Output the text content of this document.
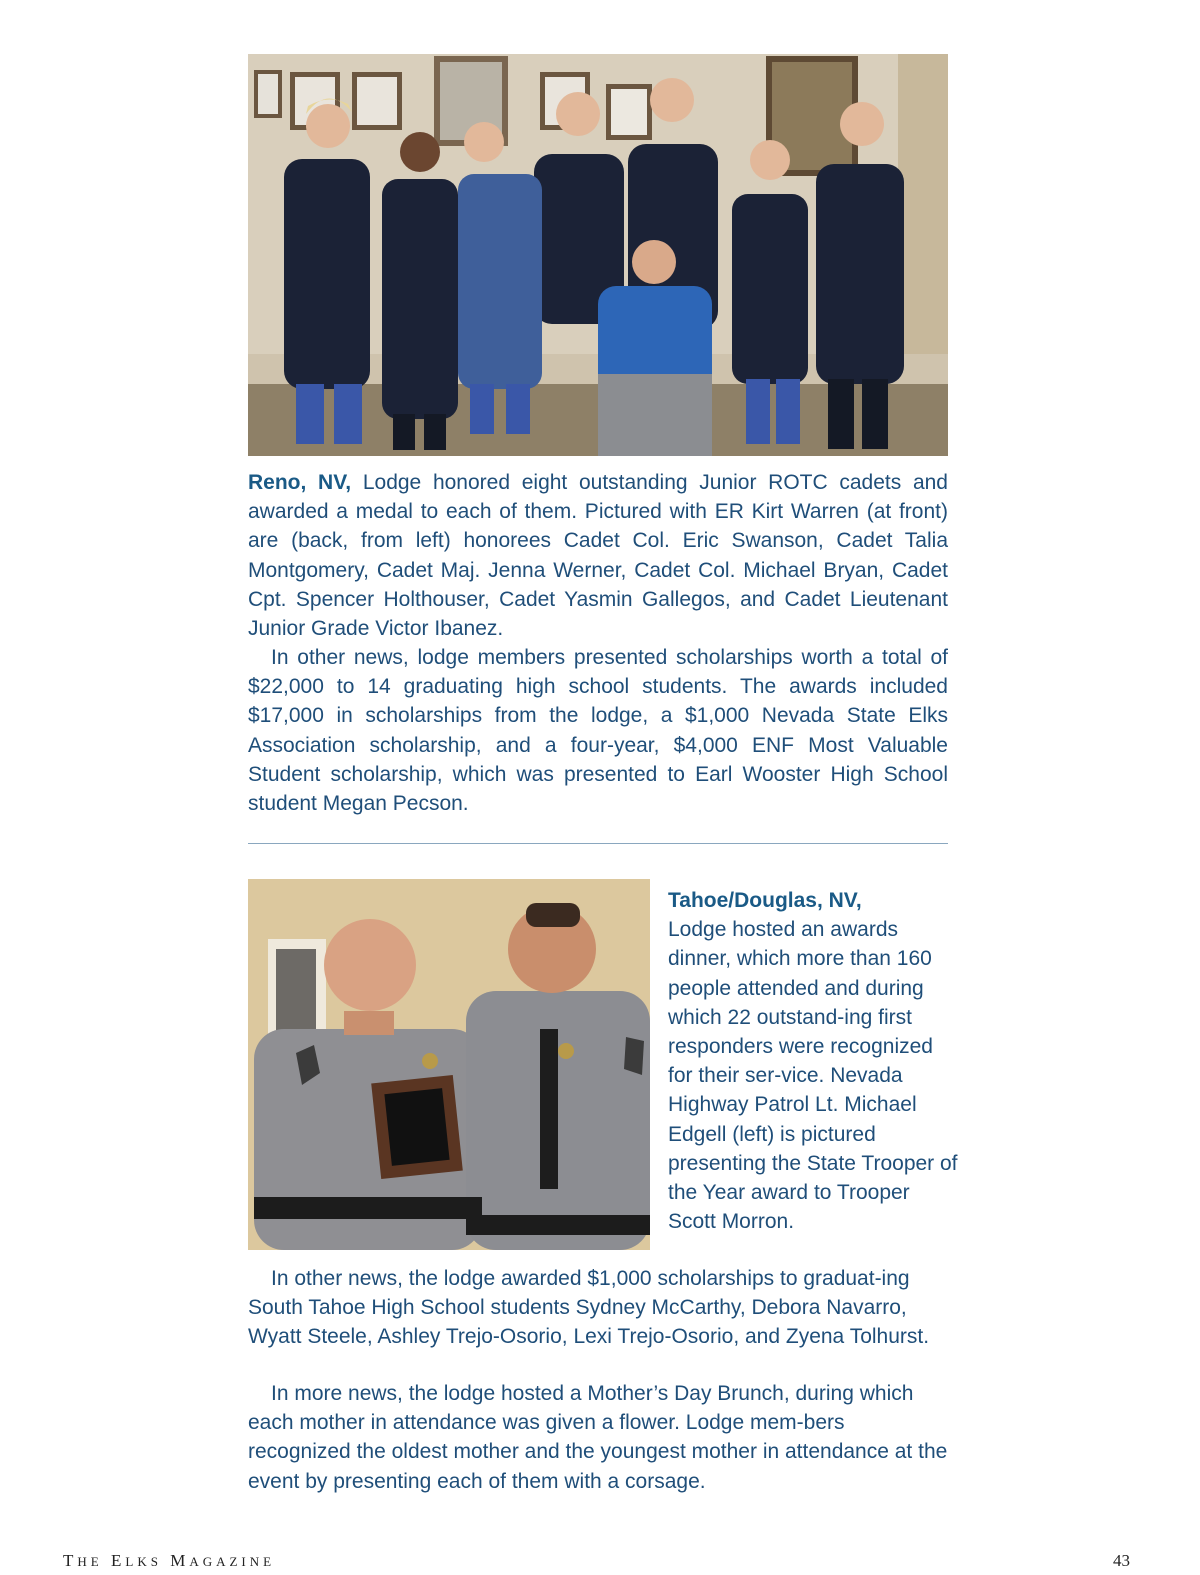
Reno, NV, Lodge honored eight outstanding Junior ROTC cadets and awarded a medal to each of them. Pictured with ER Kirt Warren (at front) are (back, from left) honorees Cadet Col. Eric Swanson, Cadet Talia Montgomery, Cadet Maj. Jenna Werner, Cadet Col. Michael Bryan, Cadet Cpt. Spencer Holthouser, Cadet Yasmin Gallegos, and Cadet Lieutenant Junior Grade Victor Ibanez.

In other news, lodge members presented scholarships worth a total of $22,000 to 14 graduating high school students. The awards included $17,000 in scholarships from the lodge, a $1,000 Nevada State Elks Association scholarship, and a four-year, $4,000 ENF Most Valuable Student scholarship, which was presented to Earl Wooster High School student Megan Pecson.

Tahoe/Douglas, NV,
Lodge hosted an awards dinner, which more than 160 people attended and during which 22 outstand-ing first responders were recognized for their ser-vice. Nevada Highway Patrol Lt. Michael Edgell (left) is pictured presenting the State Trooper of the Year award to Trooper Scott Morron.

In other news, the lodge awarded $1,000 scholarships to graduat-ing South Tahoe High School students Sydney McCarthy, Debora Navarro, Wyatt Steele, Ashley Trejo-Osorio, Lexi Trejo-Osorio, and Zyena Tolhurst.

In more news, the lodge hosted a Mother’s Day Brunch, during which each mother in attendance was given a flower. Lodge mem-bers recognized the oldest mother and the youngest mother in attendance at the event by presenting each of them with a corsage.

THE ELKS MAGAZINE	43
